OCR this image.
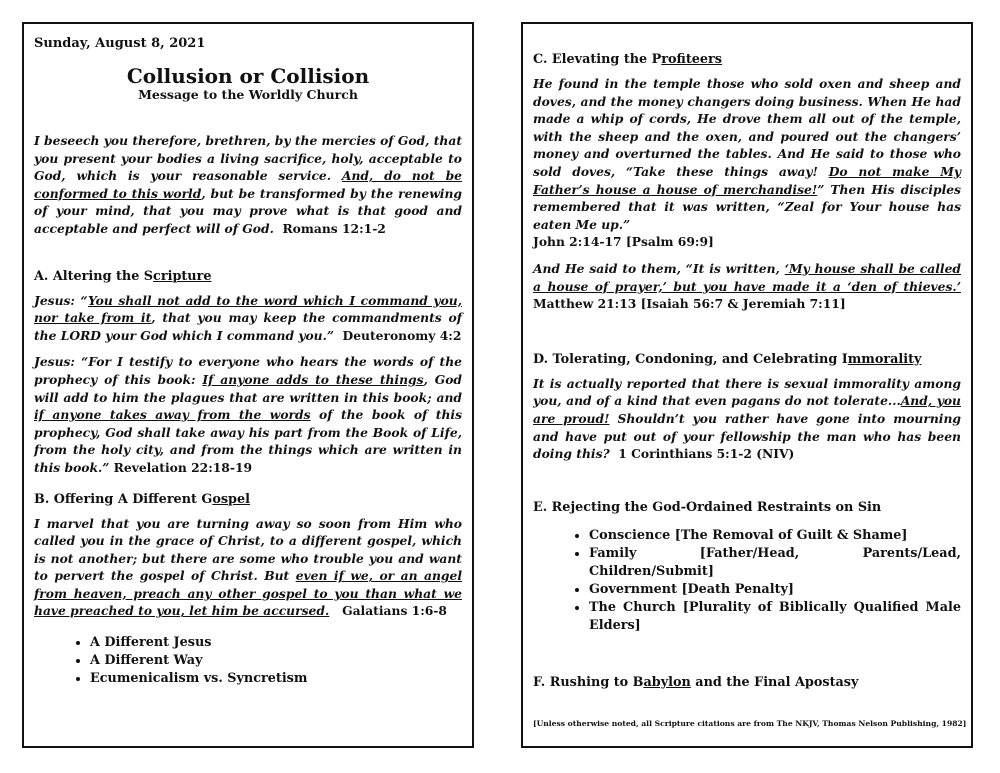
Sunday, August 8, 2021
Collusion or Collision
Message to the Worldly Church

I beseech you therefore, brethren, by the mercies of God, that you present your bodies a living sacrifice, holy, acceptable to God, which is your reasonable service. And, do not be conformed to this world, but be transformed by the renewing of your mind, that you may prove what is that good and acceptable and perfect will of God. Romans 12:1-2

A. Altering the Scripture

Jesus: “You shall not add to the word which I command you, nor take from it, that you may keep the commandments of the LORD your God which I command you.” Deuteronomy 4:2

Jesus: “For I testify to everyone who hears the words of the prophecy of this book: If anyone adds to these things, God will add to him the plagues that are written in this book; and if anyone takes away from the words of the book of this prophecy, God shall take away his part from the Book of Life, from the holy city, and from the things which are written in this book.” Revelation 22:18-19

B. Offering A Different Gospel

I marvel that you are turning away so soon from Him who called you in the grace of Christ, to a different gospel, which is not another; but there are some who trouble you and want to pervert the gospel of Christ. But even if we, or an angel from heaven, preach any other gospel to you than what we have preached to you, let him be accursed. Galatians 1:6-8

• A Different Jesus
• A Different Way
• Ecumenicalism vs. Syncretism
C. Elevating the Profiteers

He found in the temple those who sold oxen and sheep and doves, and the money changers doing business. When He had made a whip of cords, He drove them all out of the temple, with the sheep and the oxen, and poured out the changers’ money and overturned the tables. And He said to those who sold doves, “Take these things away! Do not make My Father’s house a house of merchandise!” Then His disciples remembered that it was written, “Zeal for Your house has eaten Me up.”
John 2:14-17 [Psalm 69:9]

And He said to them, “It is written, ‘My house shall be called a house of prayer,’ but you have made it a ‘den of thieves.’ Matthew 21:13 [Isaiah 56:7 & Jeremiah 7:11]

D. Tolerating, Condoning, and Celebrating Immorality

It is actually reported that there is sexual immorality among you, and of a kind that even pagans do not tolerate...And, you are proud! Shouldn’t you rather have gone into mourning and have put out of your fellowship the man who has been doing this? 1 Corinthians 5:1-2 (NIV)

E. Rejecting the God-Ordained Restraints on Sin
• Conscience [The Removal of Guilt & Shame]
• Family [Father/Head, Parents/Lead, Children/Submit]
• Government [Death Penalty]
• The Church [Plurality of Biblically Qualified Male Elders]
F. Rushing to Babylon and the Final Apostasy
[Unless otherwise noted, all Scripture citations are from The NKJV, Thomas Nelson Publishing, 1982]
